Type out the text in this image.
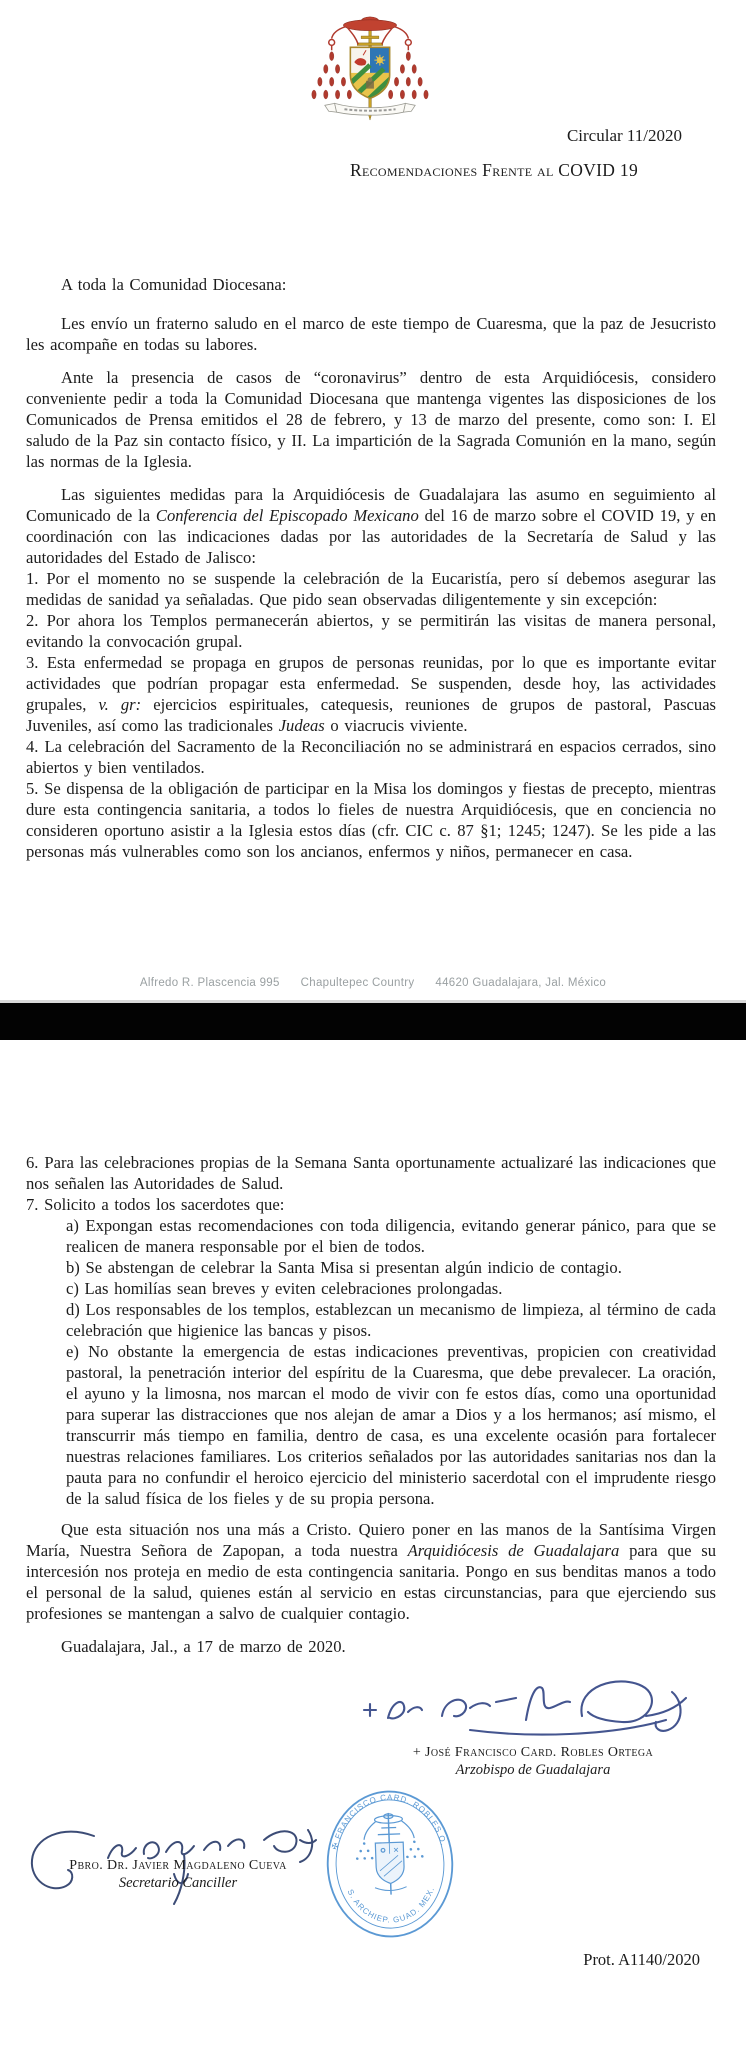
Circular 11/2020
Recomendaciones Frente al COVID 19

A toda la Comunidad Diocesana:

Les envío un fraterno saludo en el marco de este tiempo de Cuaresma, que la paz de Jesucristo les acompañe en todas su labores.

Ante la presencia de casos de “coronavirus” dentro de esta Arquidiócesis, considero conveniente pedir a toda la Comunidad Diocesana que mantenga vigentes las disposiciones de los Comunicados de Prensa emitidos el 28 de febrero, y 13 de marzo del presente, como son: I. El saludo de la Paz sin contacto físico, y II. La impartición de la Sagrada Comunión en la mano, según las normas de la Iglesia.

Las siguientes medidas para la Arquidiócesis de Guadalajara las asumo en seguimiento al Comunicado de la Conferencia del Episcopado Mexicano del 16 de marzo sobre el COVID 19, y en coordinación con las indicaciones dadas por las autoridades de la Secretaría de Salud y las autoridades del Estado de Jalisco:

1. Por el momento no se suspende la celebración de la Eucaristía, pero sí debemos asegurar las medidas de sanidad ya señaladas. Que pido sean observadas diligentemente y sin excepción:

2. Por ahora los Templos permanecerán abiertos, y se permitirán las visitas de manera personal, evitando la convocación grupal.

3. Esta enfermedad se propaga en grupos de personas reunidas, por lo que es importante evitar actividades que podrían propagar esta enfermedad. Se suspenden, desde hoy, las actividades grupales, v. gr: ejercicios espirituales, catequesis, reuniones de grupos de pastoral, Pascuas Juveniles, así como las tradicionales Judeas o viacrucis viviente.

4. La celebración del Sacramento de la Reconciliación no se administrará en espacios cerrados, sino abiertos y bien ventilados.

5. Se dispensa de la obligación de participar en la Misa los domingos y fiestas de precepto, mientras dure esta contingencia sanitaria, a todos lo fieles de nuestra Arquidiócesis, que en conciencia no consideren oportuno asistir a la Iglesia estos días (cfr. CIC c. 87 §1; 1245; 1247). Se les pide a las personas más vulnerables como son los ancianos, enfermos y niños, permanecer en casa.

Alfredo R. Plascencia 995      Chapultepec Country      44620 Guadalajara, Jal. México

6. Para las celebraciones propias de la Semana Santa oportunamente actualizaré las indicaciones que nos señalen las Autoridades de Salud.

7. Solicito a todos los sacerdotes que:

a) Expongan estas recomendaciones con toda diligencia, evitando generar pánico, para que se realicen de manera responsable por el bien de todos.

b) Se abstengan de celebrar la Santa Misa si presentan algún indicio de contagio.

c) Las homilías sean breves y eviten celebraciones prolongadas.

d) Los responsables de los templos, establezcan un mecanismo de limpieza, al término de cada celebración que higienice las bancas y pisos.

e) No obstante la emergencia de estas indicaciones preventivas, propicien con creatividad pastoral, la penetración interior del espíritu de la Cuaresma, que debe prevalecer. La oración, el ayuno y la limosna, nos marcan el modo de vivir con fe estos días, como una oportunidad para superar las distracciones que nos alejan de amar a Dios y a los hermanos; así mismo, el transcurrir más tiempo en familia, dentro de casa, es una excelente ocasión para fortalecer nuestras relaciones familiares. Los criterios señalados por las autoridades sanitarias nos dan la pauta para no confundir el heroico ejercicio del ministerio sacerdotal con el imprudente riesgo de la salud física de los fieles y de su propia persona.

Que esta situación nos una más a Cristo. Quiero poner en las manos de la Santísima Virgen María, Nuestra Señora de Zapopan, a toda nuestra Arquidiócesis de Guadalajara para que su intercesión nos proteja en medio de esta contingencia sanitaria. Pongo en sus benditas manos a todo el personal de la salud, quienes están al servicio en estas circunstancias, para que ejerciendo sus profesiones se mantengan a salvo de cualquier contagio.

Guadalajara, Jal., a 17 de marzo de 2020.

+ José Francisco Card. Robles Ortega
Arzobispo de Guadalajara
✠ FRANCISCO CARD. ROBLES O.
S. ARCHIEP. GUAD. MEX.
Pbro. Dr. Javier Magdaleno Cueva
Secretario Canciller
Prot. A1140/2020
